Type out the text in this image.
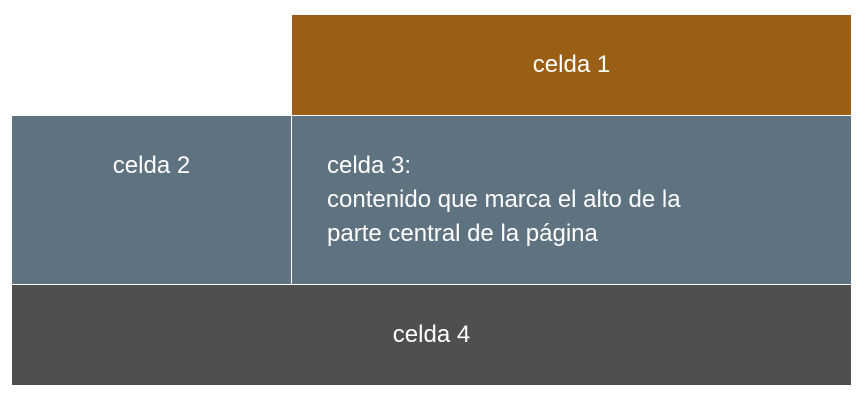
celda 1
celda 2	celda 3:
contenido que marca el alto de la
parte central de la página
celda 4
